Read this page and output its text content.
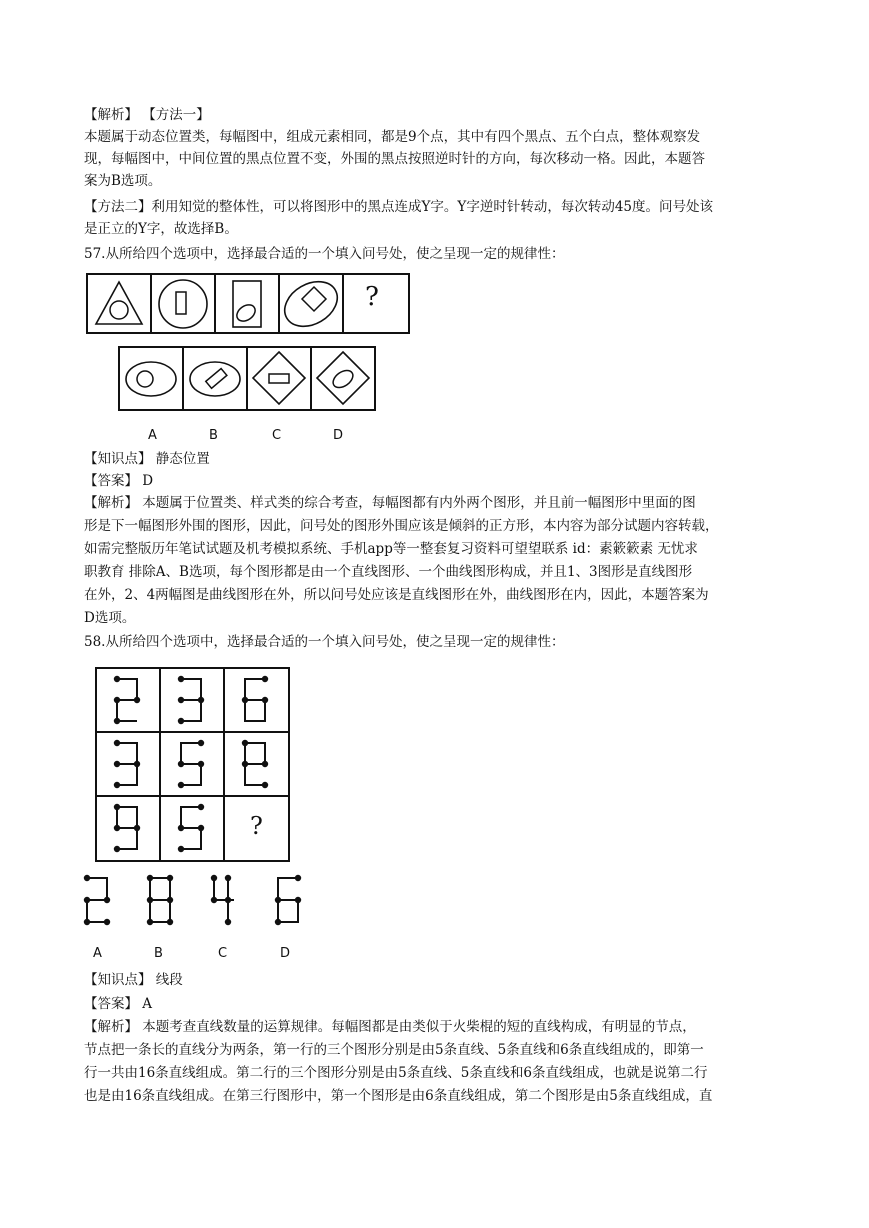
【解析】 【方法一】
本题属于动态位置类，每幅图中，组成元素相同，都是9个点，其中有四个黑点、五个白点，整体观察发
现，每幅图中，中间位置的黑点位置不变，外围的黑点按照逆时针的方向，每次移动一格。因此，本题答
案为B选项。
【方法二】利用知觉的整体性，可以将图形中的黑点连成Y字。Y字逆时针转动，每次转动45度。问号处该
是正立的Y字，故选择B。
57.从所给四个选项中，选择最合适的一个填入问号处，使之呈现一定的规律性：
?
A	B	C	D
【知识点】 静态位置
【答案】 D
【解析】 本题属于位置类、样式类的综合考查，每幅图都有内外两个图形，并且前一幅图形中里面的图
形是下一幅图形外围的图形，因此，问号处的图形外围应该是倾斜的正方形，本内容为部分试题内容转载，
如需完整版历年笔试试题及机考模拟系统、手机app等一整套复习资料可望望联系 id：素簌簌素 无忧求
职教育 排除A、B选项，每个图形都是由一个直线图形、一个曲线图形构成，并且1、3图形是直线图形
在外，2、4两幅图是曲线图形在外，所以问号处应该是直线图形在外，曲线图形在内，因此，本题答案为
D选项。
58.从所给四个选项中，选择最合适的一个填入问号处，使之呈现一定的规律性：
?
A	B	C	D
【知识点】 线段
【答案】 A
【解析】 本题考查直线数量的运算规律。每幅图都是由类似于火柴棍的短的直线构成，有明显的节点，
节点把一条长的直线分为两条，第一行的三个图形分别是由5条直线、5条直线和6条直线组成的，即第一
行一共由16条直线组成。第二行的三个图形分别是由5条直线、5条直线和6条直线组成，也就是说第二行
也是由16条直线组成。在第三行图形中，第一个图形是由6条直线组成，第二个图形是由5条直线组成，直
